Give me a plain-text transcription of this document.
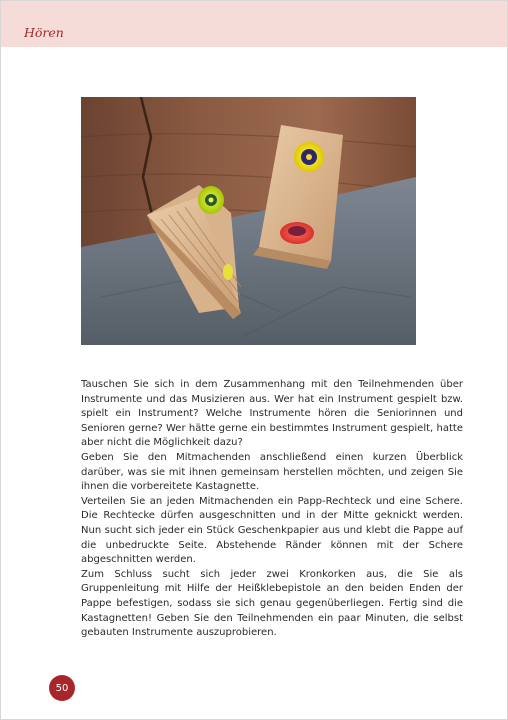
Hören

Tauschen Sie sich in dem Zusammenhang mit den Teilnehmenden über Instrumente und das Musizieren aus. Wer hat ein Instrument gespielt bzw. spielt ein Instrument? Welche Instrumente hören die Seniorinnen und Senioren gerne? Wer hätte gerne ein bestimmtes Instrument gespielt, hatte aber nicht die Möglichkeit dazu?

Geben Sie den Mitmachenden anschließend einen kurzen Überblick darüber, was sie mit ihnen gemeinsam herstellen möchten, und zeigen Sie ihnen die vorbereitete Kastagnette.

Verteilen Sie an jeden Mitmachenden ein Papp-Rechteck und eine Schere. Die Rechtecke dürfen ausgeschnitten und in der Mitte geknickt werden. Nun sucht sich jeder ein Stück Geschenkpapier aus und klebt die Pappe auf die unbedruckte Seite. Abstehende Ränder können mit der Schere abgeschnitten werden.

Zum Schluss sucht sich jeder zwei Kronkorken aus, die Sie als Gruppenleitung mit Hilfe der Heißklebepistole an den beiden Enden der Pappe befestigen, sodass sie sich genau gegenüberliegen. Fertig sind die Kastagnetten! Geben Sie den Teilnehmenden ein paar Minuten, die selbst gebauten Instrumente auszuprobieren.

50
